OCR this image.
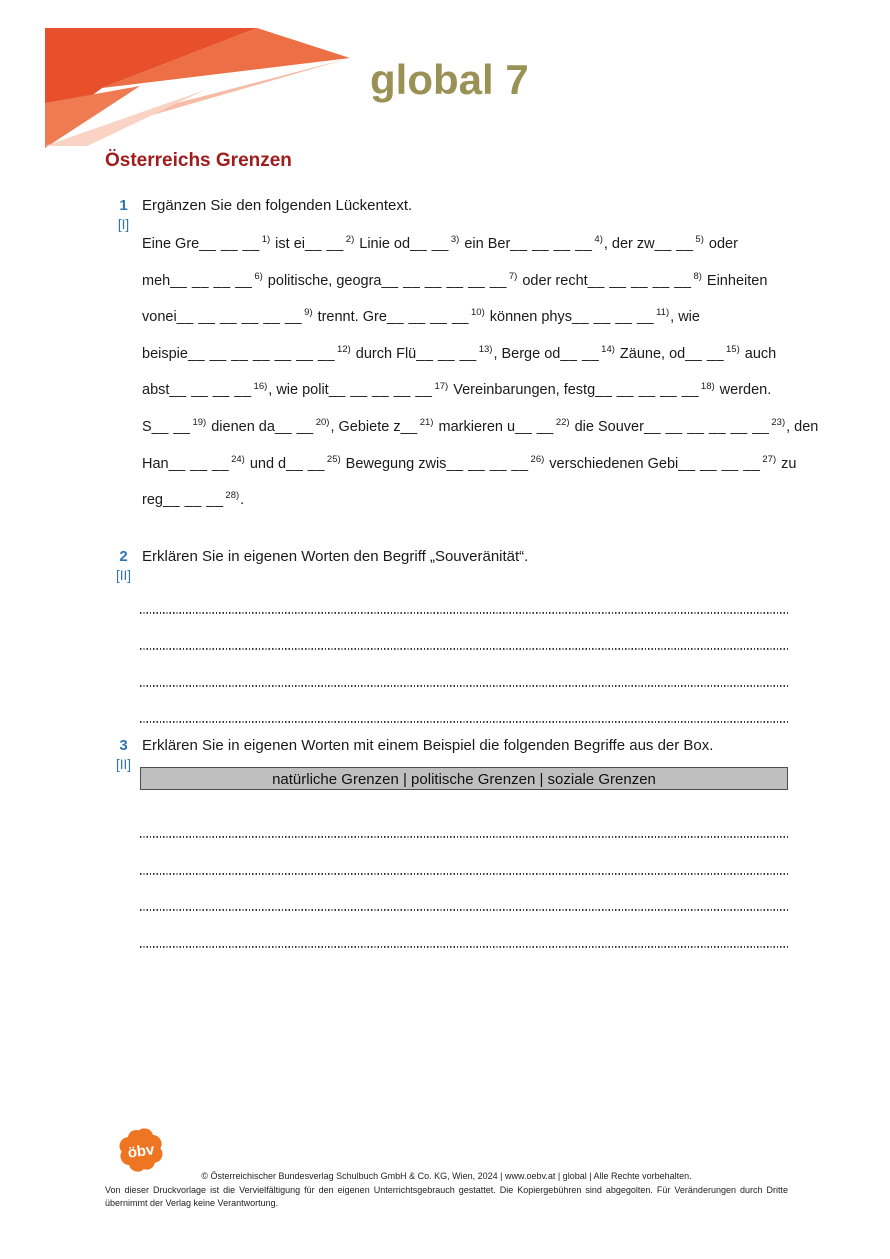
global 7
Österreichs Grenzen
1
[I]
Ergänzen Sie den folgenden Lückentext.
Eine Gre__ __ __ $^{1)}$ ist ei__ __ $^{2)}$ Linie od__ __ $^{3)}$ ein Ber__ __ __ __ $^{4)}$, der zw__ __ $^{5)}$ oder
meh__ __ __ __ $^{6)}$ politische, geogra__ __ __ __ __ __ $^{7)}$ oder recht__ __ __ __ __ $^{8)}$ Einheiten
vonei__ __ __ __ __ __ $^{9)}$ trennt. Gre__ __ __ __ $^{10)}$ können phys__ __ __ __ $^{11)}$, wie
beispie__ __ __ __ __ __ __ $^{12)}$ durch Flü__ __ __ $^{13)}$, Berge od__ __ $^{14)}$ Zäune, od__ __ $^{15)}$ auch
abst__ __ __ __ $^{16)}$, wie polit__ __ __ __ __ $^{17)}$ Vereinbarungen, festg__ __ __ __ __ $^{18)}$ werden.
S__ __ $^{19)}$ dienen da__ __ $^{20)}$, Gebiete z__ $^{21)}$ markieren u__ __ $^{22)}$ die Souver__ __ __ __ __ __ $^{23)}$, den
Han__ __ __ $^{24)}$ und d__ __ $^{25)}$ Bewegung zwis__ __ __ __ $^{26)}$ verschiedenen Gebi__ __ __ __ $^{27)}$ zu
reg__ __ __ $^{28)}$.
2
[II]
Erklären Sie in eigenen Worten den Begriff „Souveränität“.
3
[II]
Erklären Sie in eigenen Worten mit einem Beispiel die folgenden Begriffe aus der Box.
natürliche Grenzen | politische Grenzen | soziale Grenzen
öbv
© Österreichischer Bundesverlag Schulbuch GmbH & Co. KG, Wien, 2024 | www.oebv.at | global | Alle Rechte vorbehalten.
Von dieser Druckvorlage ist die Vervielfältigung für den eigenen Unterrichtsgebrauch gestattet. Die Kopiergebühren sind abgegolten. Für Veränderungen durch Dritte übernimmt der Verlag keine Verantwortung.
